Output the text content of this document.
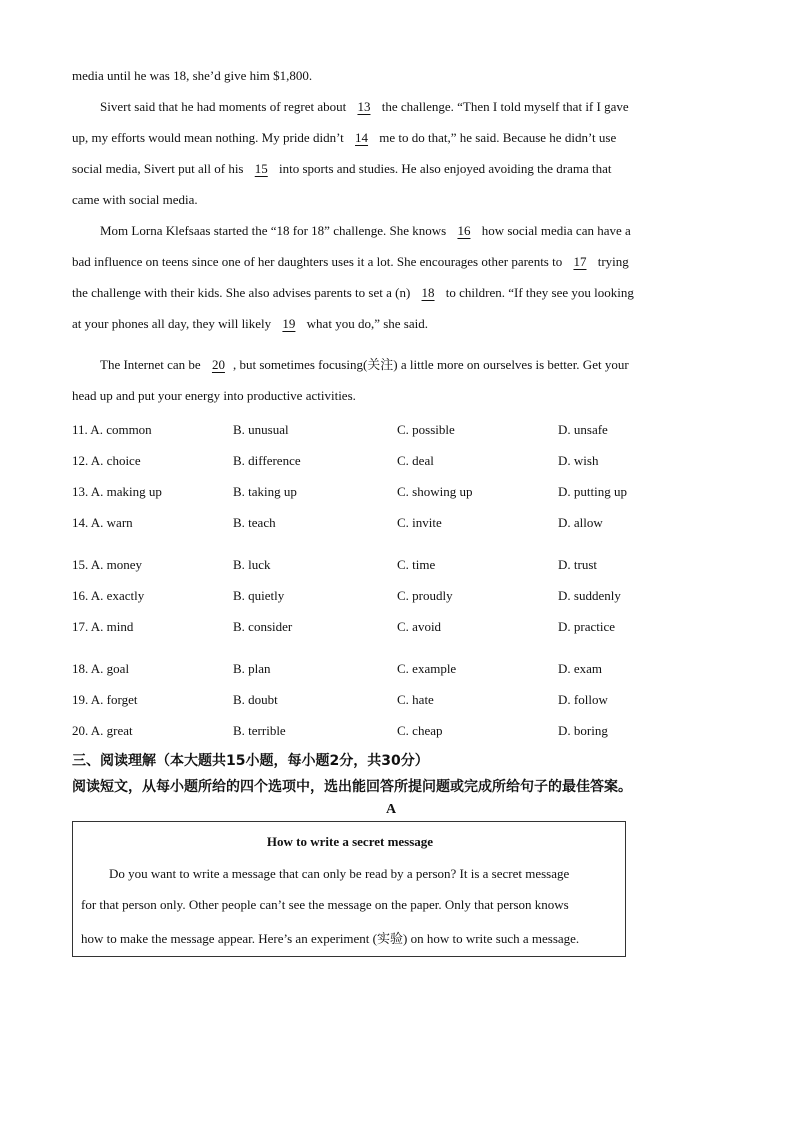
media until he was 18, she’d give him $1,800.
Sivert said that he had moments of regret about 13 the challenge. “Then I told myself that if I gave
up, my efforts would mean nothing. My pride didn’t 14 me to do that,” he said. Because he didn’t use
social media, Sivert put all of his 15 into sports and studies. He also enjoyed avoiding the drama that
came with social media.
Mom Lorna Klefsaas started the “18 for 18” challenge. She knows 16 how social media can have a
bad influence on teens since one of her daughters uses it a lot. She encourages other parents to 17 trying
the challenge with their kids. She also advises parents to set a (n) 18 to children. “If they see you looking
at your phones all day, they will likely 19 what you do,” she said.
The Internet can be 20 , but sometimes focusing(关注) a little more on ourselves is better. Get your
head up and put your energy into productive activities.
11. A. common	B. unusual	C. possible	D. unsafe
12. A. choice	B. difference	C. deal	D. wish
13. A. making up	B. taking up	C. showing up	D. putting up
14. A. warn	B. teach	C. invite	D. allow
15. A. money	B. luck	C. time	D. trust
16. A. exactly	B. quietly	C. proudly	D. suddenly
17. A. mind	B. consider	C. avoid	D. practice
18. A. goal	B. plan	C. example	D. exam
19. A. forget	B. doubt	C. hate	D. follow
20. A. great	B. terrible	C. cheap	D. boring
三、阅读理解（本大题共15小题，每小题2分，共30分）
阅读短文，从每小题所给的四个选项中，选出能回答所提问题或完成所给句子的最佳答案。
A
How to write a secret message
Do you want to write a message that can only be read by a person? It is a secret message
for that person only. Other people can’t see the message on the paper. Only that person knows
how to make the message appear. Here’s an experiment (实验) on how to write such a message.
